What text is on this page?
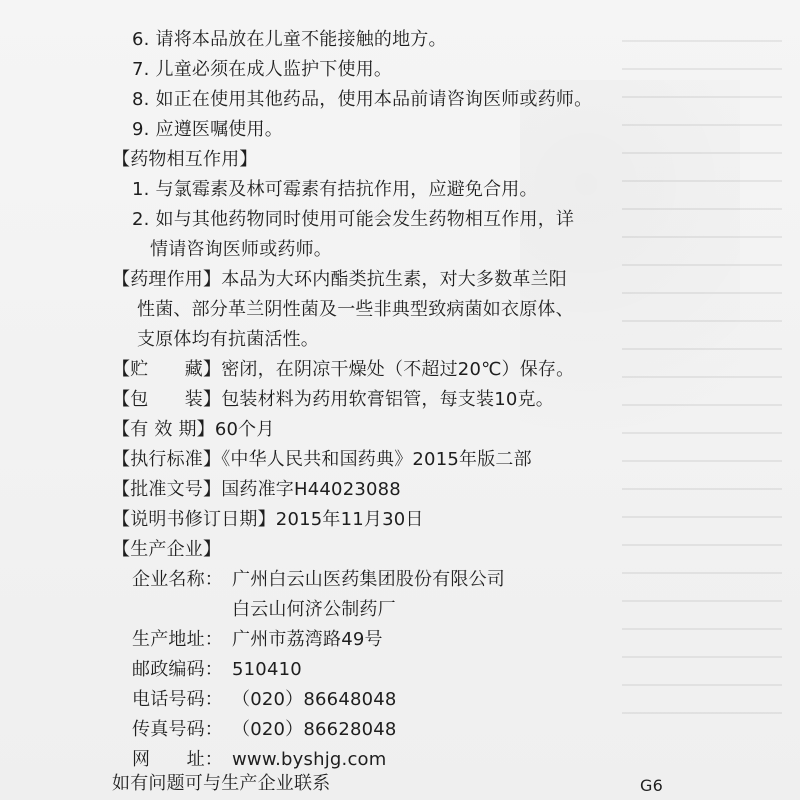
6. 请将本品放在儿童不能接触的地方。
7. 儿童必须在成人监护下使用。
8. 如正在使用其他药品，使用本品前请咨询医师或药师。
9. 应遵医嘱使用。
【药物相互作用】
1. 与氯霉素及林可霉素有拮抗作用，应避免合用。
2. 如与其他药物同时使用可能会发生药物相互作用，详
情请咨询医师或药师。
【药理作用】本品为大环内酯类抗生素，对大多数革兰阳
性菌、部分革兰阴性菌及一些非典型致病菌如衣原体、
支原体均有抗菌活性。
【贮　　藏】密闭，在阴凉干燥处（不超过20℃）保存。
【包　　装】包装材料为药用软膏铝管，每支装10克。
【有 效 期】60个月
【执行标准】《中华人民共和国药典》2015年版二部
【批准文号】国药准字H44023088
【说明书修订日期】2015年11月30日
【生产企业】
企业名称： 广州白云山医药集团股份有限公司
白云山何济公制药厂
生产地址： 广州市荔湾路49号
邮政编码： 510410
电话号码： （020）86648048
传真号码： （020）86628048
网　　址： www.byshjg.com
如有问题可与生产企业联系	G6
